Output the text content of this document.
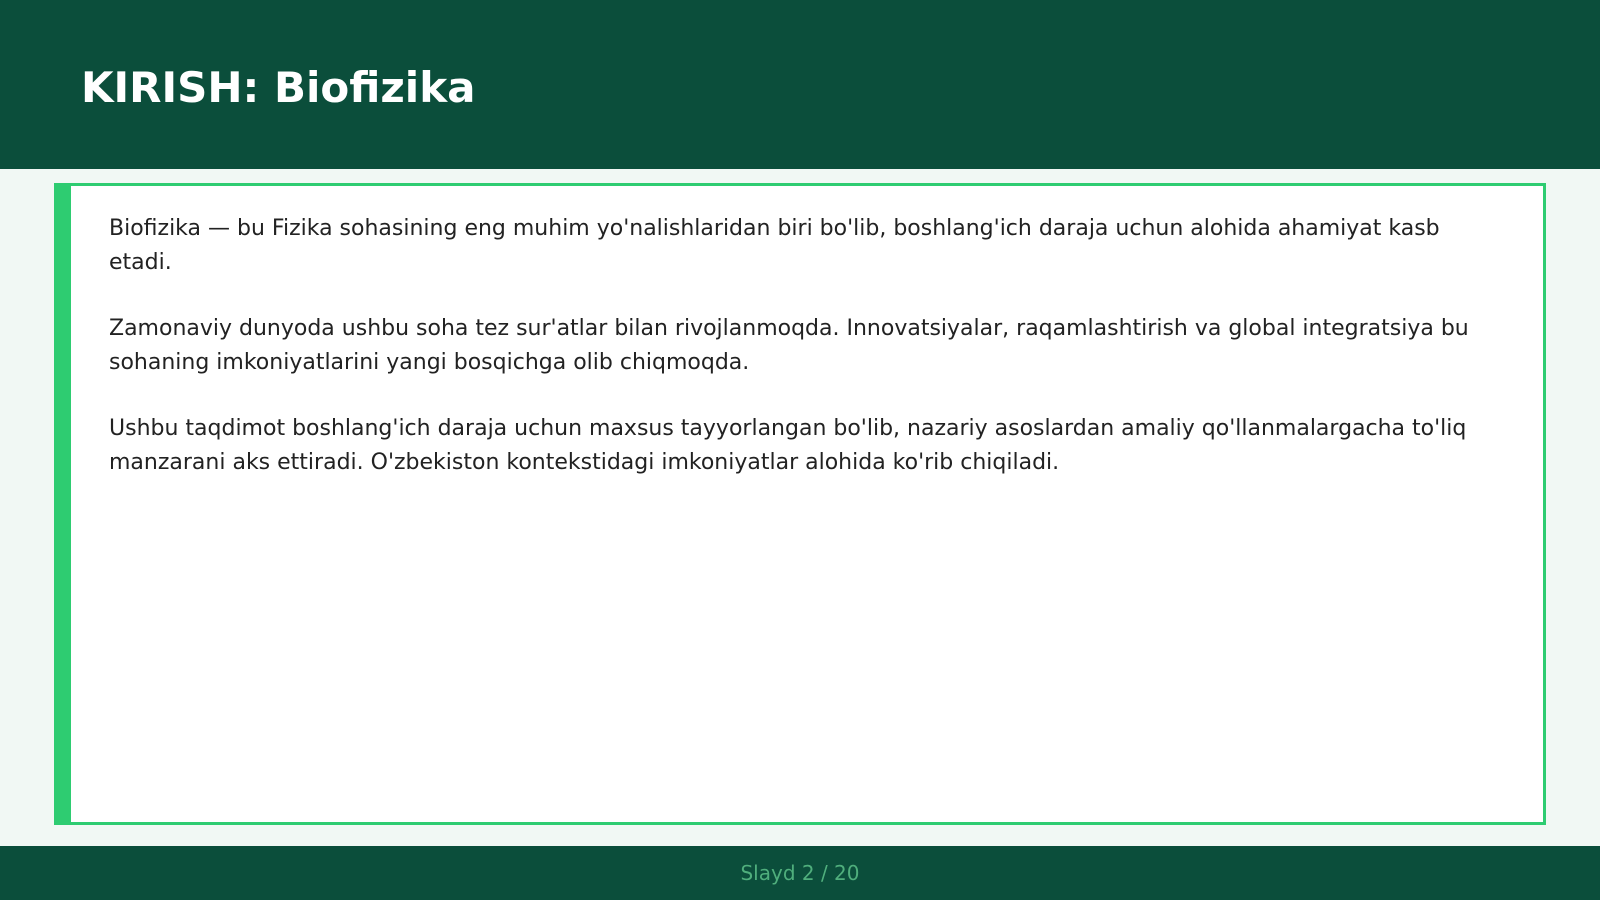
KIRISH: Biofizika

Biofizika — bu Fizika sohasining eng muhim yo'nalishlaridan biri bo'lib, boshlang'ich daraja uchun alohida ahamiyat kasb etadi.

Zamonaviy dunyoda ushbu soha tez sur'atlar bilan rivojlanmoqda. Innovatsiyalar, raqamlashtirish va global integratsiya bu sohaning imkoniyatlarini yangi bosqichga olib chiqmoqda.

Ushbu taqdimot boshlang'ich daraja uchun maxsus tayyorlangan bo'lib, nazariy asoslardan amaliy qo'llanmalargacha to'liq manzarani aks ettiradi. O'zbekiston kontekstidagi imkoniyatlar alohida ko'rib chiqiladi.

Slayd 2 / 20
